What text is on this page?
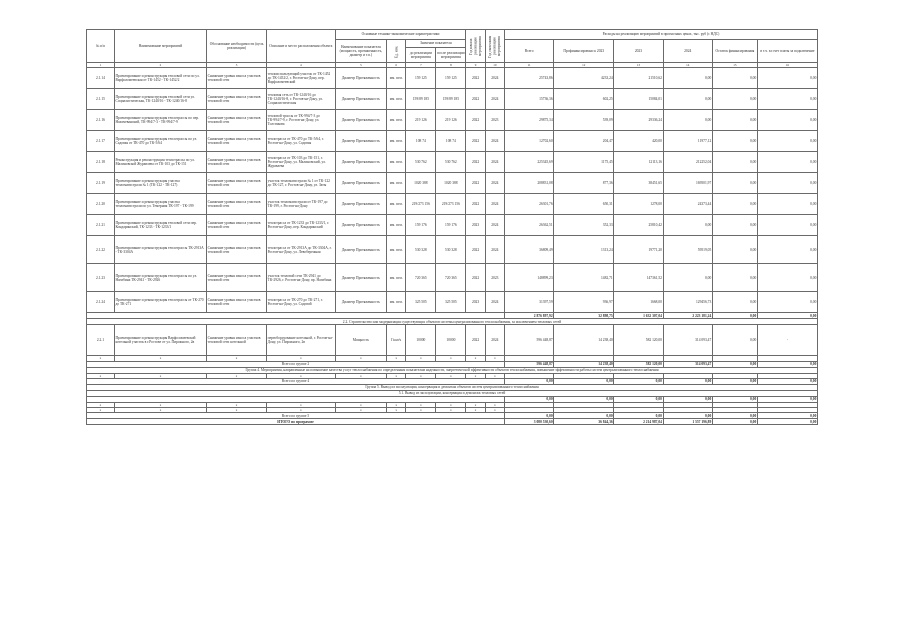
№ п/п	Наименование мероприятий	Обоснование необходимости (цель реализации)	Описание и место расположения объекта	Основные технико-экономические характеристики				Год начала реализации мероприятия	Год окончания реализации мероприятия	Расходы на реализацию мероприятий в прогнозных ценах, тыс. руб (с НДС)					
				Наименование показателя (мощность, протяженность, диаметр и т.п.)	Ед. изм.	Значение показателя				Всего	Профинансировано к 2023	2023	2024	Остаток финансирования	в т.ч. за счет платы за подключение
						до реализации мероприятия	после реализации мероприятия								
1	2	3	4	5	6	7	8	9	10	11	12	13	14	15	16
2.1.14	Проектирование и реконструкция тепловой сети по ул. Варфоломеевская от ТК-1452 - ТК-1452/2	Снижение уровня износа участков тепловой сети	теплоиспользующий участок от ТК-1452 до ТК-1452/2, г. Ростов-на-Дону, пер. Варфоломеевский	Диаметр Протяженность	мм. пгм.	159 125	159 125	2022	2024	25743,86	4233,24	21510,62	0,00	0,00	0,00
2.1.15	Проектирование и реконструкция тепловой сети ул. Социалистическая, ТК-1240/16 - ТК-1240/16-8	Снижение уровня износа участков тепловой сети	тепловая сеть от ТК-1240/16 до ТК-1240/16-8, г. Ростов-на-Дону, ул. Социалистическая	Диаметр Протяженность	мм. пгм.	159/89 185	159/89 185	2022	2024	15736,36	602,25	15084,01	0,00	0,00	0,00
2.1.16	Проектирование и реконструкция теплотрассы по пер. Нахичеванский, ТК-994/7-3 - ТК-994/7-9	Снижение уровня износа участков тепловой сети	тепловой трассы от ТК-994/7-3 до ТК-994/7-9, г. Ростов-на-Дону, ул. Толстякова	Диаметр Протяженность	мм. пгм.	219 126	219 126	2022	2023	29875,34	539,09	29336,24	0,00	0,00	0,00
2.1.17	Проектирование и реконструкция теплотрассы по ул. Садовая от ТК-470 до ТК-5/64	Снижение уровня износа участков тепловой сети	теплотрасса от ТК-470 до ТК-5/64, г. Ростов-на-Дону, ул. Садовая	Диаметр Протяженность	мм. пгм.	108 74	108 74	2022	2024	12702,60	204,47	420,00	11977,12	0,00	0,00
2.1.18	Реконструкция и реконструкция теплотрассы по ул. Малиновской Журавлева от ТК-103 до ТК-151	Снижение уровня износа участков тепловой сети	теплотрасса от ТК-103 до ТК-151, г. Ростов-на-Дону, ул. Малиновский, ул. Журавлева	Диаметр Протяженность	мм. пгм.	530 762	530 762	2022	2024	225345,69	1175,45	12113,16	212252,04	0,00	0,00
2.1.19	Проектирование и реконструкция участка тепломагистрали № 1 (ТК-122 - ТК-127)	Снижение уровня износа участков тепловой сети	участок тепломагистрали № 1 от ТК-122 до ТК-127, г. Ростов-на-Дону, ул. Заты	Диаметр Протяженность	мм. пгм.	1020 388	1020 388	2022	2024	208831,08	877,36	38451,65	169501,97	0,00	0,00
2.1.20	Проектирование и реконструкция участка тепломагистрали по ул. Темерник ТК-197 - ТК-199	Снижение уровня износа участков тепловой сети	участок тепломагистрали от ТК-197 до ТК-199, г. Ростов-на-Дону	Диаметр Протяженность	мм. пгм.	219/273 156	219/273 156	2022	2024	26301,76	650,31	1278,00	24373,44	0,00	0,00
2.1.21	Проектирование и реконструкция тепловой сети пер. Кондаринский, ТК-1233 - ТК-1233/1	Снижение уровня износа участков тепловой сети	теплотрасса от ТК-1233 до ТК-1233/1, г. Ростов-на-Дону, пер. Кондаринский	Диаметр Протяженность	мм. пгм.	159 176	159 176	2023	2024	26362,51	352,33	25810,42	0,00	0,00	0,00
2.1.22	Проектирование и реконструкция теплотрассы ТК-2913А - ТК-3304А	Снижение уровня износа участков тепловой сети	теплотрасса от ТК-2913А до ТК-3304А, г. Ростов-на-Дону, ул. Левобережная	Диаметр Протяженность	мм. пгм.	530 328	530 328	2022	2024	36809,49	1313,24	19771,20	59519,05	0,00	0,00
2.1.23	Проектирование и реконструкция теплотрассы по ул. Нагибина ТК-2941 - ТК-2926	Снижение уровня износа участков тепловой сети	участок тепловой сети ТК-2941 до ТК-2926, г. Ростов-на-Дону, пр. Нагибина	Диаметр Протяженность	мм. пгм.	720 365	720 365	2022	2023	148899,23	1482,71	147361,52	0,00	0,00	0,00
2.1.24	Проектирование и реконструкция теплотрассы от ТК-270 до ТК-271	Снижение уровня износа участков тепловой сети	теплотрасса от ТК-270 до ТК-271, г. Ростов-на-Дону, ул. Садовой	Диаметр Протяженность	мм. пгм.	325 505	325 505	2023	2024	31397,59	936,97	1668,00	129456,73	0,00	0,00
										2 876 897,92	32 898,75	1 632 307,04	2 223 181,24	0,00	0,00
2.2. Строительство или модернизация существующих объектов системы централизованного теплоснабжения, за исключением тепловых сетей															
2.2.1	Проектирование и реконструкция Варфоломеевской котельной участок в г.Ростове от ул. Пирожного, 2в	Снижение уровня износа участков тепловой сети котельной	переоборудование котельной, г. Ростов-на-Дону, ул. Пирожного, 2в	Мощность	Гкал/ч	10000	10000	2022	2024	596 448,87	14 238,40	582 120,00	314 093,47	0,00	-
х	х	х	х	х	х	х	х	х	х						
Всего по группе 2										596 448,87	14 238,40	582 120,00	314 093,47	0,00	0,00
Группа 4. Мероприятия, направленные на повышение качества услуг теплоснабжения по определенным показателям надежности, энергетической эффективности объектов теплоснабжения, повышение эффективности работы систем централизованного теплоснабжения															
х	х	х	х	х	х	х	х	х	х						
Всего по группе 4										0,00	0,00	0,00	0,00	0,00	0,00
Группа 5. Вывод из эксплуатации, консервация и демонтаж объектов систем централизованного теплоснабжения															
5.1. Вывод из эксплуатации, консервация и демонтаж тепловых сетей															
										0,00	0,00	0,00	0,00	0,00	0,00
х	х	х	х	х	х	х	х	х	х						
х	х	х	х	х	х	х	х	х	х						
Всего по группе 5										0,00	0,00	0,00	0,00	0,00	0,00
ИТОГО по программе										3 080 530,60	36 844,36	2 214 987,04	1 557 196,89	0,00	0,00
